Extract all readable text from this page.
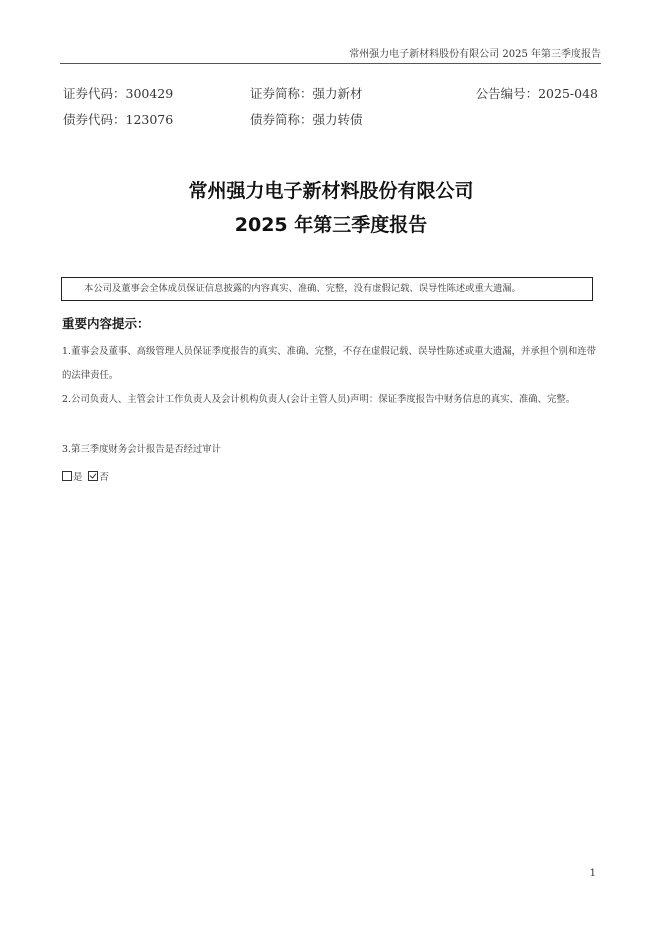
常州强力电子新材料股份有限公司 2025 年第三季度报告
证券代码：300429	证券简称：强力新材	公告编号：2025-048
债券代码：123076	债券简称：强力转债
常州强力电子新材料股份有限公司
2025 年第三季度报告
本公司及董事会全体成员保证信息披露的内容真实、准确、完整，没有虚假记载、误导性陈述或重大遗漏。
重要内容提示：

1.董事会及董事、高级管理人员保证季度报告的真实、准确、完整，不存在虚假记载、误导性陈述或重大遗漏，并承担个别和连带的法律责任。

2.公司负责人、主管会计工作负责人及会计机构负责人(会计主管人员)声明：保证季度报告中财务信息的真实、准确、完整。

3.第三季度财务会计报告是否经过审计

是 否
1
